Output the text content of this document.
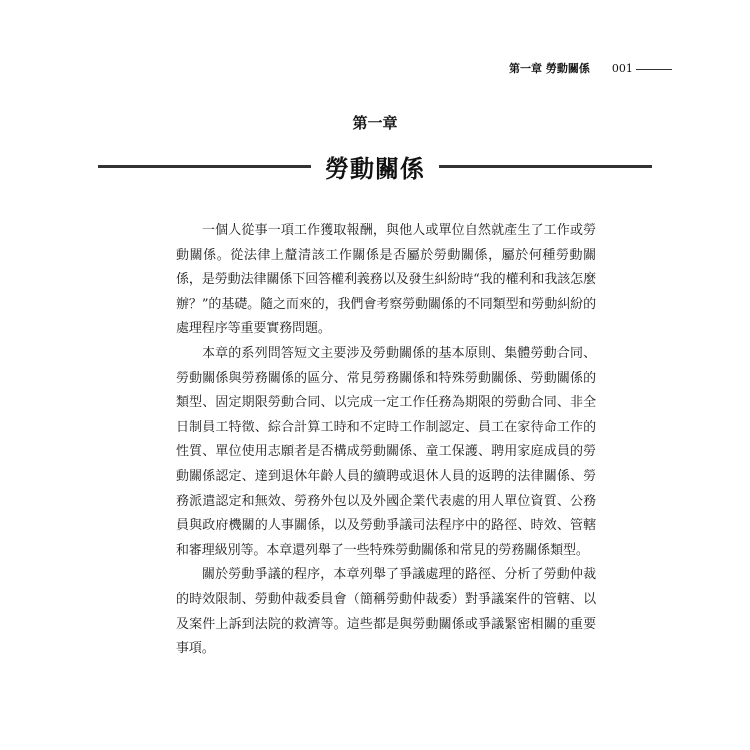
第一章 勞動關係 001
第一章
勞動關係

一個人從事一項工作獲取報酬，與他人或單位自然就產生了工作或勞動關係。從法律上釐清該工作關係是否屬於勞動關係，屬於何種勞動關係，是勞動法律關係下回答權利義務以及發生糾紛時“我的權利和我該怎麼辦？”的基礎。隨之而來的，我們會考察勞動關係的不同類型和勞動糾紛的處理程序等重要實務問題。

本章的系列問答短文主要涉及勞動關係的基本原則、集體勞動合同、勞動關係與勞務關係的區分、常見勞務關係和特殊勞動關係、勞動關係的類型、固定期限勞動合同、以完成一定工作任務為期限的勞動合同、非全日制員工特徵、綜合計算工時和不定時工作制認定、員工在家待命工作的性質、單位使用志願者是否構成勞動關係、童工保護、聘用家庭成員的勞動關係認定、達到退休年齡人員的續聘或退休人員的返聘的法律關係、勞務派遣認定和無效、勞務外包以及外國企業代表處的用人單位資質、公務員與政府機關的人事關係，以及勞動爭議司法程序中的路徑、時效、管轄和審理級別等。本章還列舉了一些特殊勞動關係和常見的勞務關係類型。

關於勞動爭議的程序，本章列舉了爭議處理的路徑、分析了勞動仲裁的時效限制、勞動仲裁委員會（簡稱勞動仲裁委）對爭議案件的管轄、以及案件上訴到法院的救濟等。這些都是與勞動關係或爭議緊密相關的重要事項。
